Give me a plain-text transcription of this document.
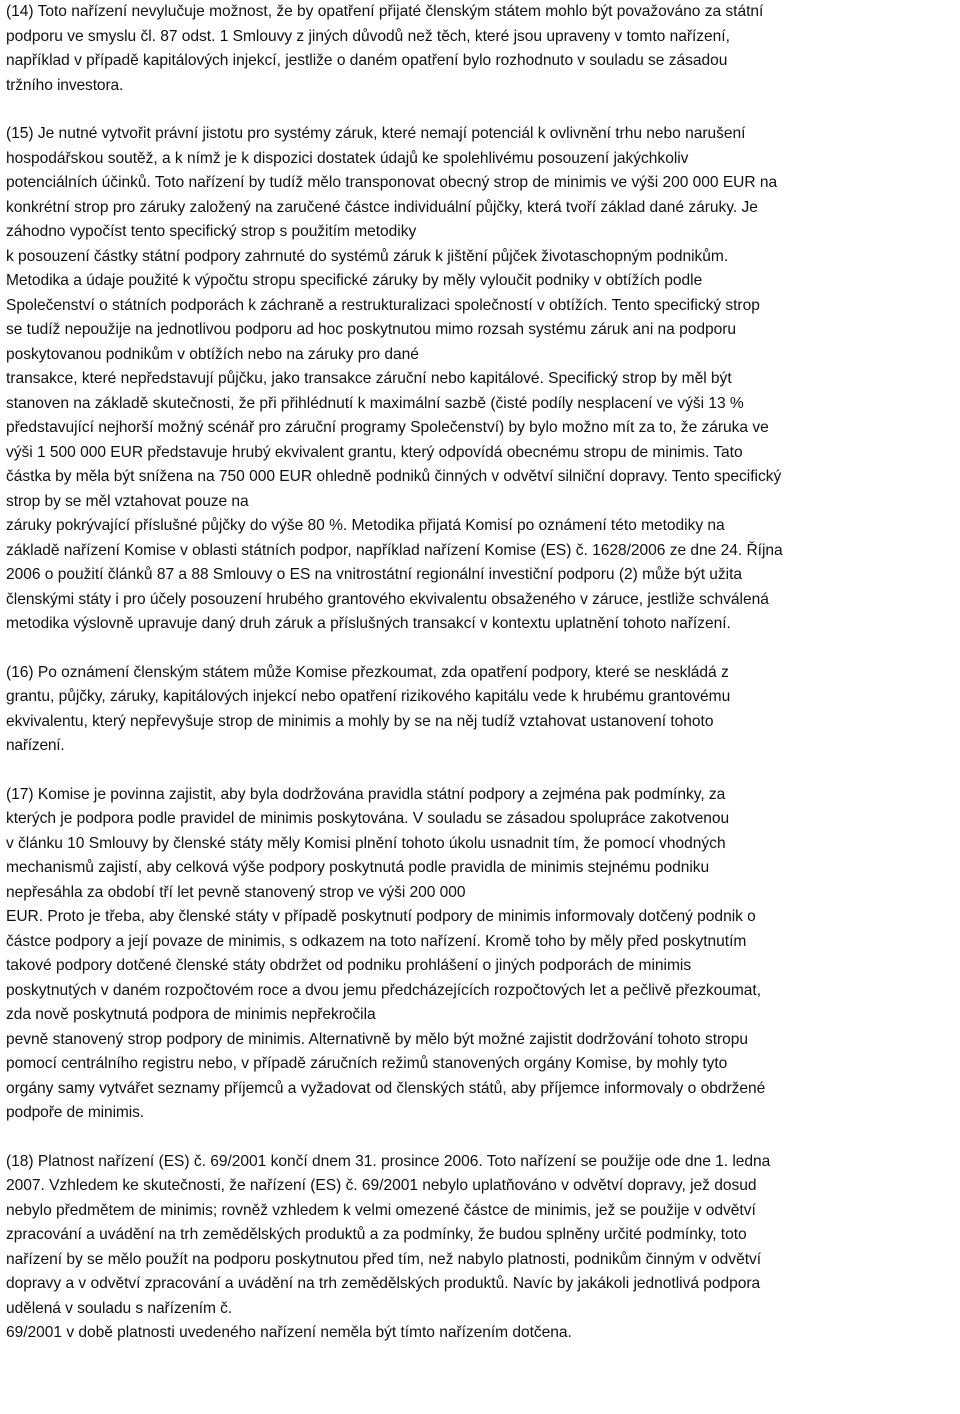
(14) Toto nařízení nevylučuje možnost, že by opatření přijaté členským státem mohlo být považováno za státní
podporu ve smyslu čl. 87 odst. 1 Smlouvy z jiných důvodů než těch, které jsou upraveny v tomto nařízení,
například v případě kapitálových injekcí, jestliže o daném opatření bylo rozhodnuto v souladu se zásadou
tržního investora.

(15) Je nutné vytvořit právní jistotu pro systémy záruk, které nemají potenciál k ovlivnění trhu nebo narušení
hospodářskou soutěž, a k nímž je k dispozici dostatek údajů ke spolehlivému posouzení jakýchkoliv
potenciálních účinků. Toto nařízení by tudíž mělo transponovat obecný strop de minimis ve výši 200 000 EUR na
konkrétní strop pro záruky založený na zaručené částce individuální půjčky, která tvoří základ dané záruky. Je
záhodno vypočíst tento specifický strop s použitím metodiky
k posouzení částky státní podpory zahrnuté do systémů záruk k jištění půjček životaschopným podnikům.
Metodika a údaje použité k výpočtu stropu specifické záruky by měly vyloučit podniky v obtížích podle
Společenství o státních podporách k záchraně a restrukturalizaci společností v obtížích. Tento specifický strop
se tudíž nepoužije na jednotlivou podporu ad hoc poskytnutou mimo rozsah systému záruk ani na podporu
poskytovanou podnikům v obtížích nebo na záruky pro dané
transakce, které nepředstavují půjčku, jako transakce záruční nebo kapitálové. Specifický strop by měl být
stanoven na základě skutečnosti, že při přihlédnutí k maximální sazbě (čisté podíly nesplacení ve výši 13 %
představující nejhorší možný scénář pro záruční programy Společenství) by bylo možno mít za to, že záruka ve
výši 1 500 000 EUR představuje hrubý ekvivalent grantu, který odpovídá obecnému stropu de minimis. Tato
částka by měla být snížena na 750 000 EUR ohledně podniků činných v odvětví silniční dopravy. Tento specifický
strop by se měl vztahovat pouze na
záruky pokrývající příslušné půjčky do výše 80 %. Metodika přijatá Komisí po oznámení této metodiky na
základě nařízení Komise v oblasti státních podpor, například nařízení Komise (ES) č. 1628/2006 ze dne 24. Října
2006 o použití článků 87 a 88 Smlouvy o ES na vnitrostátní regionální investiční podporu (2) může být užita
členskými státy i pro účely posouzení hrubého grantového ekvivalentu obsaženého v záruce, jestliže schválená
metodika výslovně upravuje daný druh záruk a příslušných transakcí v kontextu uplatnění tohoto nařízení.

(16) Po oznámení členským státem může Komise přezkoumat, zda opatření podpory, které se neskládá z
grantu, půjčky, záruky, kapitálových injekcí nebo opatření rizikového kapitálu vede k hrubému grantovému
ekvivalentu, který nepřevyšuje strop de minimis a mohly by se na něj tudíž vztahovat ustanovení tohoto
nařízení.

(17) Komise je povinna zajistit, aby byla dodržována pravidla státní podpory a zejména pak podmínky, za
kterých je podpora podle pravidel de minimis poskytována. V souladu se zásadou spolupráce zakotvenou
v článku 10 Smlouvy by členské státy měly Komisi plnění tohoto úkolu usnadnit tím, že pomocí vhodných
mechanismů zajistí, aby celková výše podpory poskytnutá podle pravidla de minimis stejnému podniku
nepřesáhla za období tří let pevně stanovený strop ve výši 200 000
EUR. Proto je třeba, aby členské státy v případě poskytnutí podpory de minimis informovaly dotčený podnik o
částce podpory a její povaze de minimis, s odkazem na toto nařízení. Kromě toho by měly před poskytnutím
takové podpory dotčené členské státy obdržet od podniku prohlášení o jiných podporách de minimis
poskytnutých v daném rozpočtovém roce a dvou jemu předcházejících rozpočtových let a pečlivě přezkoumat,
zda nově poskytnutá podpora de minimis nepřekročila
pevně stanovený strop podpory de minimis. Alternativně by mělo být možné zajistit dodržování tohoto stropu
pomocí centrálního registru nebo, v případě záručních režimů stanovených orgány Komise, by mohly tyto
orgány samy vytvářet seznamy příjemců a vyžadovat od členských států, aby příjemce informovaly o obdržené
podpoře de minimis.

(18) Platnost nařízení (ES) č. 69/2001 končí dnem 31. prosince 2006. Toto nařízení se použije ode dne 1. ledna
2007. Vzhledem ke skutečnosti, že nařízení (ES) č. 69/2001 nebylo uplatňováno v odvětví dopravy, jež dosud
nebylo předmětem de minimis; rovněž vzhledem k velmi omezené částce de minimis, jež se použije v odvětví
zpracování a uvádění na trh zemědělských produktů a za podmínky, že budou splněny určité podmínky, toto
nařízení by se mělo použít na podporu poskytnutou před tím, než nabylo platnosti, podnikům činným v odvětví
dopravy a v odvětví zpracování a uvádění na trh zemědělských produktů. Navíc by jakákoli jednotlivá podpora
udělená v souladu s nařízením č.
69/2001 v době platnosti uvedeného nařízení neměla být tímto nařízením dotčena.
